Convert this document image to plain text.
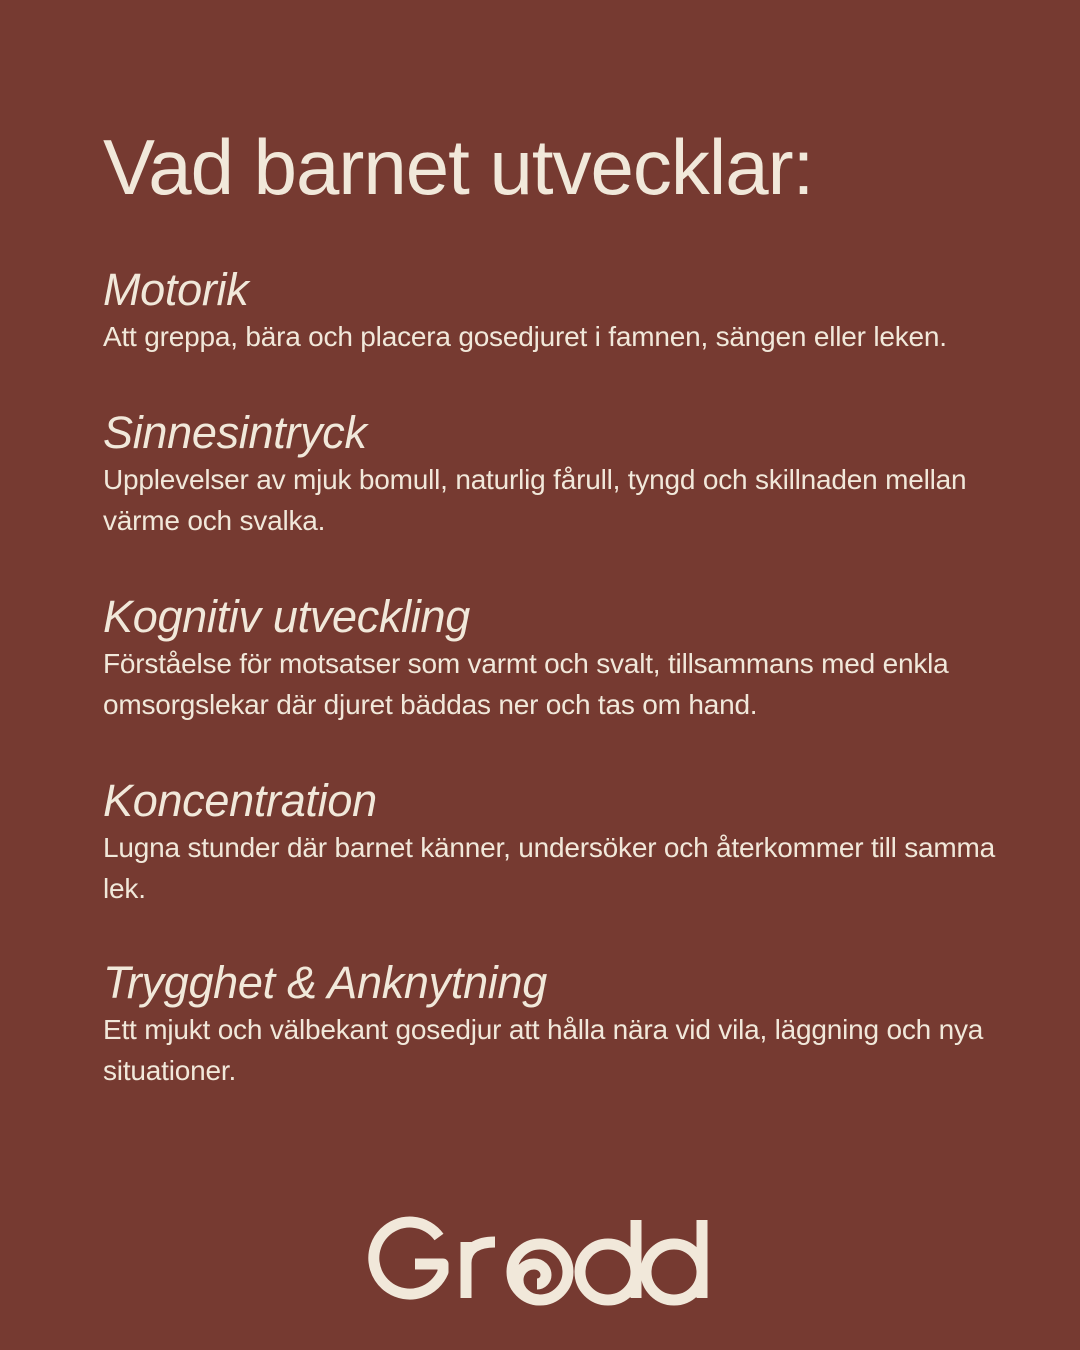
Vad barnet utvecklar:
Motorik

Att greppa, bära och placera gosedjuret i famnen, sängen eller leken.

Sinnesintryck

Upplevelser av mjuk bomull, naturlig fårull, tyngd och skillnaden mellan värme och svalka.

Kognitiv utveckling

Förståelse för motsatser som varmt och svalt, tillsammans med enkla omsorgslekar där djuret bäddas ner och tas om hand.

Koncentration

Lugna stunder där barnet känner, undersöker och återkommer till samma lek.

Trygghet & Anknytning

Ett mjukt och välbekant gosedjur att hålla nära vid vila, läggning och nya situationer.
